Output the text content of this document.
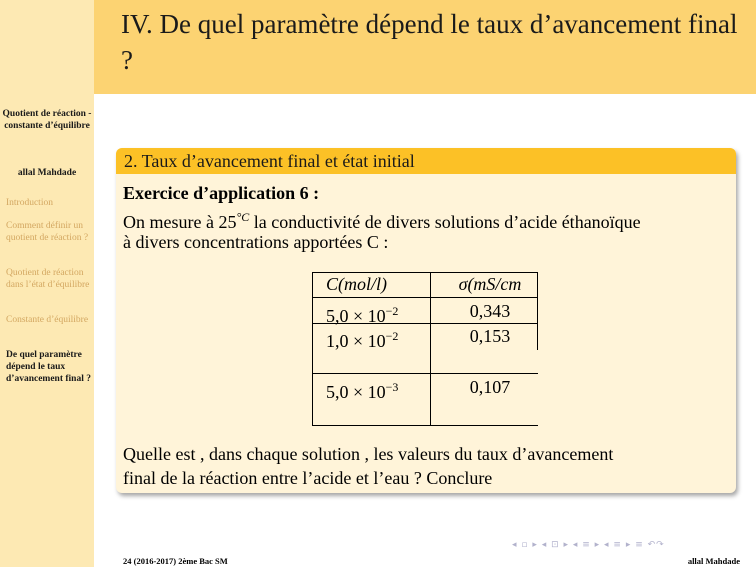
IV. De quel paramètre dépend le taux d’avancement final ?
Quotient de réaction - constante d’équilibre
allal Mahdade
Introduction
Comment définir un quotient de réaction ?
Quotient de réaction dans l’état d’équilibre
Constante d’équilibre
De quel paramètre dépend le taux d’avancement final ?
2. Taux d’avancement final et état initial
Exercice d’application 6 :
On mesure à $25^{^\circ C}$ la conductivité de divers solutions d’acide éthanoïque
à divers concentrations apportées C :
C(mol/l)	σ(mS/cm
$5,0 \times 10^{-2}$	0,343
$1,0 \times 10^{-2}$	0,153
$5,0 \times 10^{-3}$	0,107
Quelle est , dans chaque solution , les valeurs du taux d’avancement
final de la réaction entre l’acide et l’eau ? Conclure
◂ ▫ ▸ ◂ ⊡ ▸ ◂ ≡ ▸ ◂ ≡ ▸ ≡ ↶↷
24 (2016-2017) 2ème Bac SM	allal Mahdade
